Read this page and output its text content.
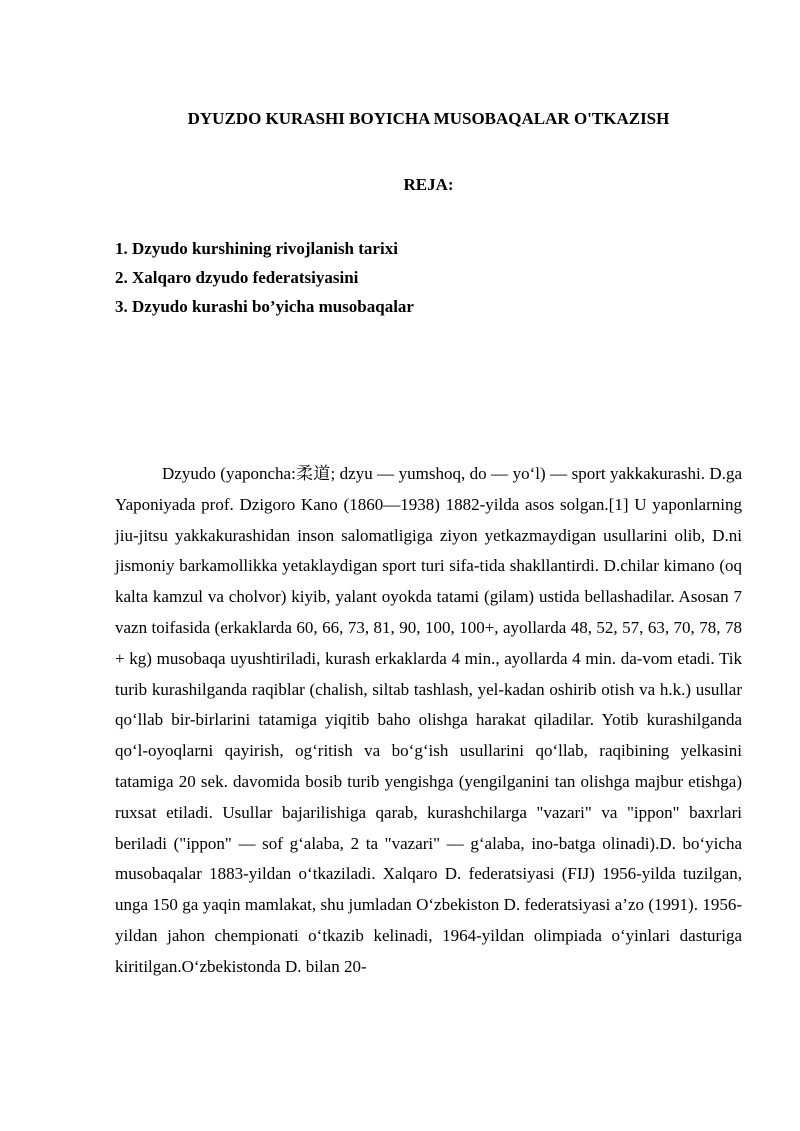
DYUZDO KURASHI BOYICHA MUSOBAQALAR O'TKAZISH
REJA:
1. Dzyudo kurshining rivojlanish tarixi
2. Xalqaro dzyudo federatsiyasini
3. Dzyudo kurashi bo’yicha musobaqalar

Dzyudo (yaponcha:柔道; dzyu — yumshoq, do — yo‘l) — sport yakkakurashi. D.ga Yaponiyada prof. Dzigoro Kano (1860—1938) 1882-yilda asos solgan.[1] U yaponlarning jiu-jitsu yakkakurashidan inson salomatligiga ziyon yetkazmaydigan usullarini olib, D.ni jismoniy barkamollikka yetaklaydigan sport turi sifa-tida shakllantirdi. D.chilar kimano (oq kalta kamzul va cholvor) kiyib, yalant oyokda tatami (gilam) ustida bellashadilar. Asosan 7 vazn toifasida (erkaklarda 60, 66, 73, 81, 90, 100, 100+, ayollarda 48, 52, 57, 63, 70, 78, 78 + kg) musobaqa uyushtiriladi, kurash erkaklarda 4 min., ayollarda 4 min. da-vom etadi. Tik turib kurashilganda raqiblar (chalish, siltab tashlash, yel-kadan oshirib otish va h.k.) usullar qo‘llab bir-birlarini tatamiga yiqitib baho olishga harakat qiladilar. Yotib kurashilganda qo‘l-oyoqlarni qayirish, og‘ritish va bo‘g‘ish usullarini qo‘llab, raqibining yelkasini tatamiga 20 sek. davomida bosib turib yengishga (yengilganini tan olishga majbur etishga) ruxsat etiladi. Usullar bajarilishiga qarab, kurashchilarga "vazari" va "ippon" baxrlari beriladi ("ippon" — sof g‘alaba, 2 ta "vazari" — g‘alaba, ino-batga olinadi).D. bo‘yicha musobaqalar 1883-yildan o‘tkaziladi. Xalqaro D. federatsiyasi (FIJ) 1956-yilda tuzilgan, unga 150 ga yaqin mamlakat, shu jumladan O‘zbekiston D. federatsiyasi a’zo (1991). 1956-yildan jahon chempionati o‘tkazib kelinadi, 1964-yildan olimpiada o‘yinlari dasturiga kiritilgan.O‘zbekistonda D. bilan 20-
